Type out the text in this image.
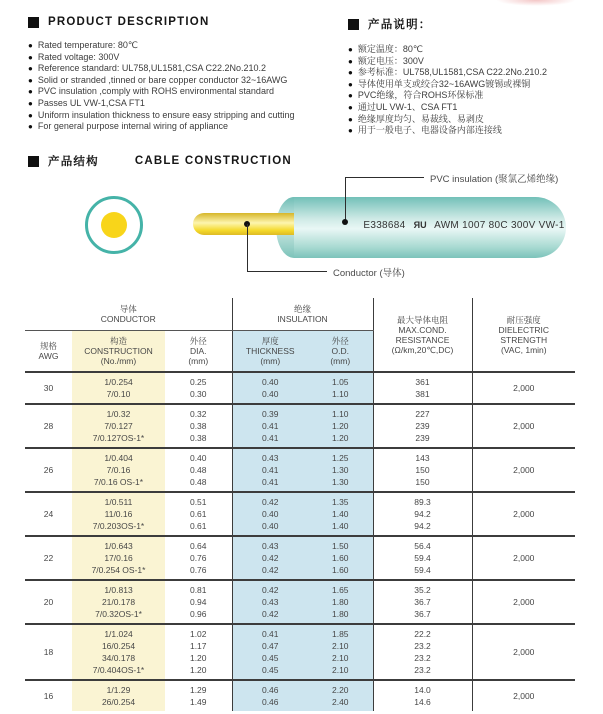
PRODUCT DESCRIPTION
● Rated temperature: 80℃
● Rated voltage: 300V
● Reference standard: UL758,UL1581,CSA C22.2No.210.2
● Solid or stranded ,tinned or bare copper conductor 32~16AWG
● PVC insulation ,comply with ROHS environmental standard
● Passes UL VW-1,CSA FT1
● Uniform insulation thickness to ensure easy stripping and cutting
● For general purpose internal wiring of appliance
产品说明：
● 额定温度：80℃
● 额定电压：300V
● 参考标准：UL758,UL1581,CSA C22.2No.210.2
● 导体使用单支或绞合32~16AWG镀锡或裸铜
● PVC绝缘，符合ROHS环保标准
● 通过UL VW-1、CSA FT1
● 绝缘厚度均匀、易裁线、易剥皮
● 用于一般电子、电器设备内部连接线
产品结构	CABLE CONSTRUCTION
E338684 ЯU AWM 1007 80C 300V VW-1
PVC insulation (聚氯乙烯绝缘)
Conductor (导体)
导体
CONDUCTOR

绝缘
INSULATION	最大导体电阻
MAX.COND.
RESISTANCE
(Ω/km,20℃,DC)

耐压强度
DIELECTRIC
STRENGTH
(VAC, 1min)

规格
AWG

构造
CONSTRUCTION
(No./mm)

外径
DIA.
(mm)

厚度
THICKNESS
(mm)

外径
O.D.
(mm)

30	1/0.254	0.25	0.40	1.05	361	2,000
	7/0.10	0.30	0.40	1.10	381	
28	1/0.32	0.32	0.39	1.10	227	2,000
	7/0.127	0.38	0.41	1.20	239	
	7/0.127OS-1*	0.38	0.41	1.20	239	
26	1/0.404	0.40	0.43	1.25	143	2,000
	7/0.16	0.48	0.41	1.30	150	
	7/0.16 OS-1*	0.48	0.41	1.30	150	
24	1/0.511	0.51	0.42	1.35	89.3	2,000
	11/0.16	0.61	0.40	1.40	94.2	
	7/0.203OS-1*	0.61	0.40	1.40	94.2	
22	1/0.643	0.64	0.43	1.50	56.4	2,000
	17/0.16	0.76	0.42	1.60	59.4	
	7/0.254 OS-1*	0.76	0.42	1.60	59.4	
20	1/0.813	0.81	0.42	1.65	35.2	2,000
	21/0.178	0.94	0.43	1.80	36.7	
	7/0.32OS-1*	0.96	0.42	1.80	36.7	
18	1/1.024	1.02	0.41	1.85	22.2	2,000
	16/0.254	1.17	0.47	2.10	23.2	
	34/0.178	1.20	0.45	2.10	23.2	
	7/0.404OS-1*	1.20	0.45	2.10	23.2	
16	1/1.29	1.29	0.46	2.20	14.0	2,000
	26/0.254	1.49	0.46	2.40	14.6	
